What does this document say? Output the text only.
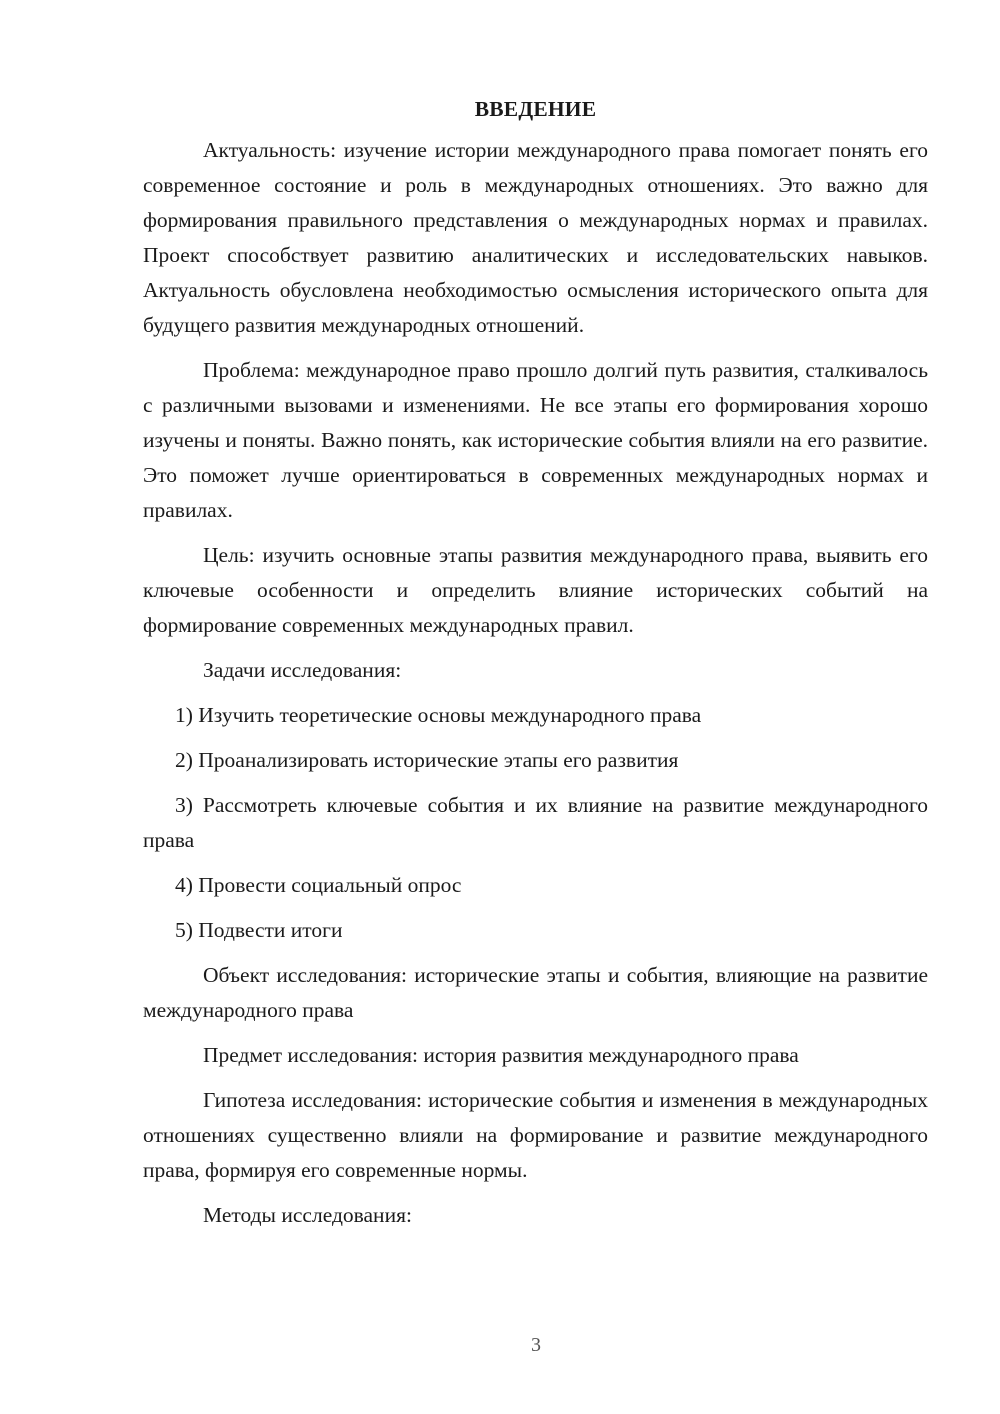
ВВЕДЕНИЕ

Актуальность: изучение истории международного права помогает понять его современное состояние и роль в международных отношениях. Это важно для формирования правильного представления о международных нормах и правилах. Проект способствует развитию аналитических и исследовательских навыков. Актуальность обусловлена необходимостью осмысления исторического опыта для будущего развития международных отношений.

Проблема: международное право прошло долгий путь развития, сталкивалось с различными вызовами и изменениями. Не все этапы его формирования хорошо изучены и поняты. Важно понять, как исторические события влияли на его развитие. Это поможет лучше ориентироваться в современных международных нормах и правилах.

Цель: изучить основные этапы развития международного права, выявить его ключевые особенности и определить влияние исторических событий на формирование современных международных правил.

Задачи исследования:

1) Изучить теоретические основы международного права

2) Проанализировать исторические этапы его развития

3) Рассмотреть ключевые события и их влияние на развитие международного права

4) Провести социальный опрос

5) Подвести итоги

Объект исследования: исторические этапы и события, влияющие на развитие международного права

Предмет исследования: история развития международного права

Гипотеза исследования: исторические события и изменения в международных отношениях существенно влияли на формирование и развитие международного права, формируя его современные нормы.

Методы исследования:

3
